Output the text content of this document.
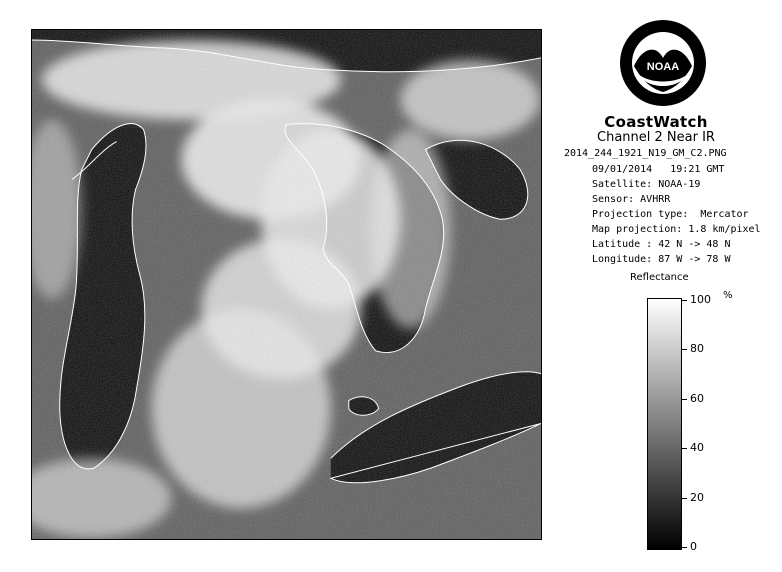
NOAA
CoastWatch
Channel 2 Near IR
2014_244_1921_N19_GM_C2.PNG
09/01/2014   19:21 GMT
Satellite: NOAA-19
Sensor: AVHRR
Projection type:  Mercator
Map projection: 1.8 km/pixel
Latitude : 42 N -> 48 N
Longitude: 87 W -> 78 W
Reflectance
%
100
80
60
40
20
0
